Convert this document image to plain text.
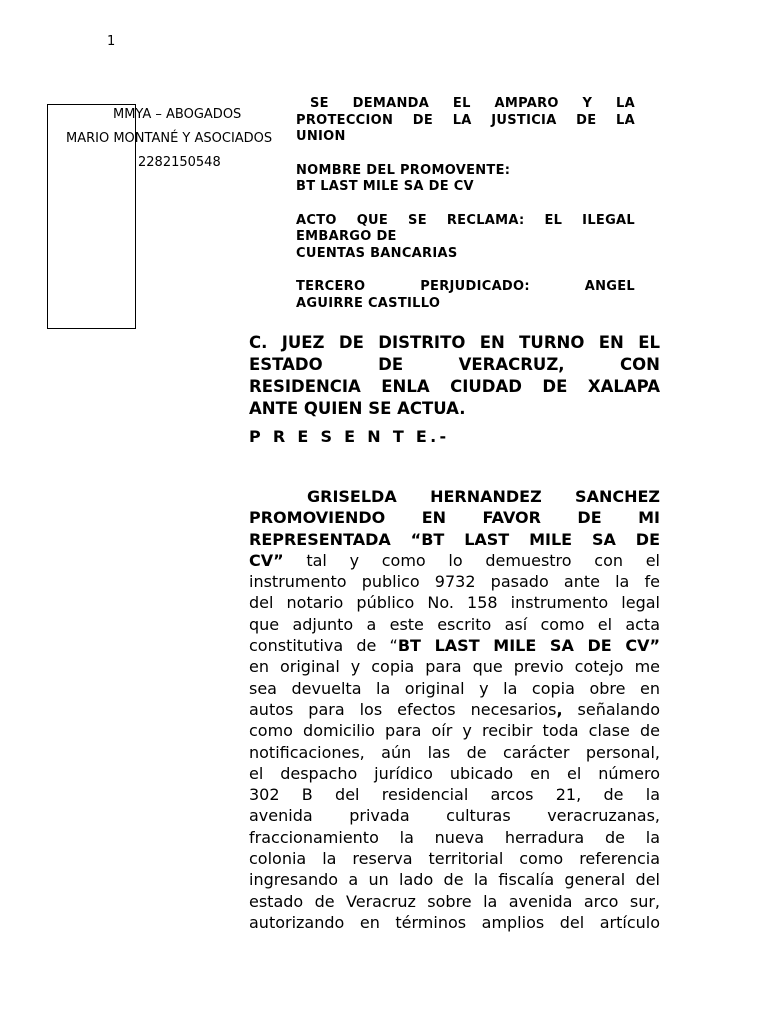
1
MMYA – ABOGADOS
MARIO MONTANÉ Y ASOCIADOS
2282150548

SE DEMANDA EL AMPARO Y LA

PROTECCION DE LA JUSTICIA DE LA

UNION

NOMBRE DEL PROMOVENTE:

BT LAST MILE SA DE CV

ACTO QUE SE RECLAMA: EL ILEGAL

EMBARGO DE

CUENTAS BANCARIAS

TERCERO PERJUDICADO: ANGEL

AGUIRRE CASTILLO

C. JUEZ DE DISTRITO EN TURNO EN EL

ESTADO DE VERACRUZ, CON

RESIDENCIA ENLA CIUDAD DE XALAPA

ANTE QUIEN SE ACTUA.

P R E S E N T E.-
GRISELDA HERNANDEZ SANCHEZ
PROMOVIENDO EN FAVOR DE MI
REPRESENTADA “BT LAST MILE SA DE
CV” tal y como lo demuestro con el
instrumento publico 9732 pasado ante la fe
del notario público No. 158 instrumento legal
que adjunto a este escrito así como el acta
constitutiva de “BT LAST MILE SA DE CV”
en original y copia para que previo cotejo me
sea devuelta la original y la copia obre en
autos para los efectos necesarios, señalando
como domicilio para oír y recibir toda clase de
notificaciones, aún las de carácter personal,
el despacho jurídico ubicado en el número
302 B del residencial arcos 21, de la
avenida privada culturas veracruzanas,
fraccionamiento la nueva herradura de la
colonia la reserva territorial como referencia
ingresando a un lado de la fiscalía general del
estado de Veracruz sobre la avenida arco sur,
autorizando en términos amplios del artículo
